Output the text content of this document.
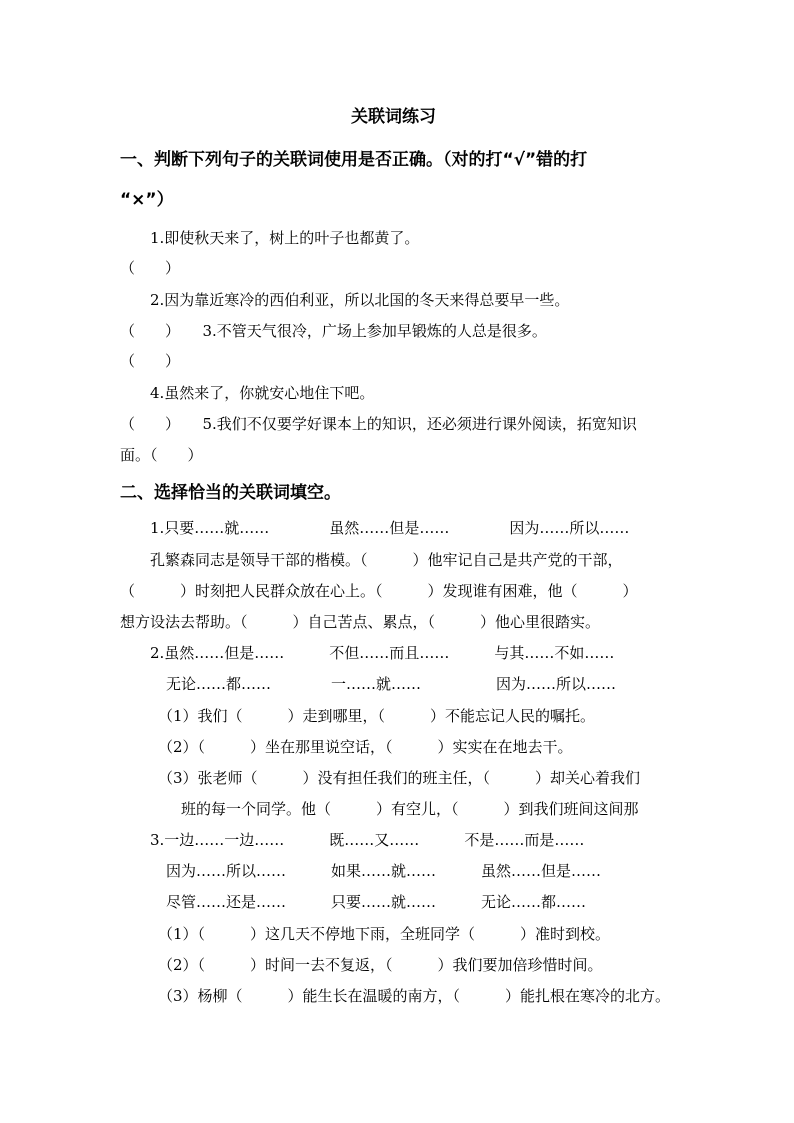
关联词练习
一、判断下列句子的关联词使用是否正确。（对的打“√”错的打
“×”）
1.即使秋天来了，树上的叶子也都黄了。
（　　）
2.因为靠近寒冷的西伯利亚，所以北国的冬天来得总要早一些。
（　　）　　3.不管天气很冷，广场上参加早锻炼的人总是很多。
（　　）
4.虽然来了，你就安心地住下吧。
（　　）　　5.我们不仅要学好课本上的知识，还必须进行课外阅读，拓宽知识
面。（　　）
二、选择恰当的关联词填空。
1.只要……就……　　　　虽然……但是……　　　　因为……所以……
孔繁森同志是领导干部的楷模。（　　　）他牢记自己是共产党的干部，
（　　　）时刻把人民群众放在心上。（　　　）发现谁有困难，他（　　　）
想方设法去帮助。（　　　）自己苦点、累点，（　　　）他心里很踏实。
2.虽然……但是……　　　不但……而且……　　　与其……不如……
无论……都……　　　　一……就……　　　　　因为……所以……
（1）我们（　　　）走到哪里，（　　　）不能忘记人民的嘱托。
（2）（　　　）坐在那里说空话，（　　　）实实在在地去干。
（3）张老师（　　　）没有担任我们的班主任，（　　　）却关心着我们
班的每一个同学。他（　　　）有空儿，（　　　）到我们班间这间那
3.一边……一边……　　　既……又……　　　不是……而是……
因为……所以……　　　如果……就……　　　虽然……但是……
尽管……还是……　　　只要……就……　　　无论……都……
（1）（　　　）这几天不停地下雨，全班同学（　　　）准时到校。
（2）（　　　）时间一去不复返，（　　　）我们要加倍珍惜时间。
（3）杨柳（　　　）能生长在温暖的南方，（　　　）能扎根在寒冷的北方。
